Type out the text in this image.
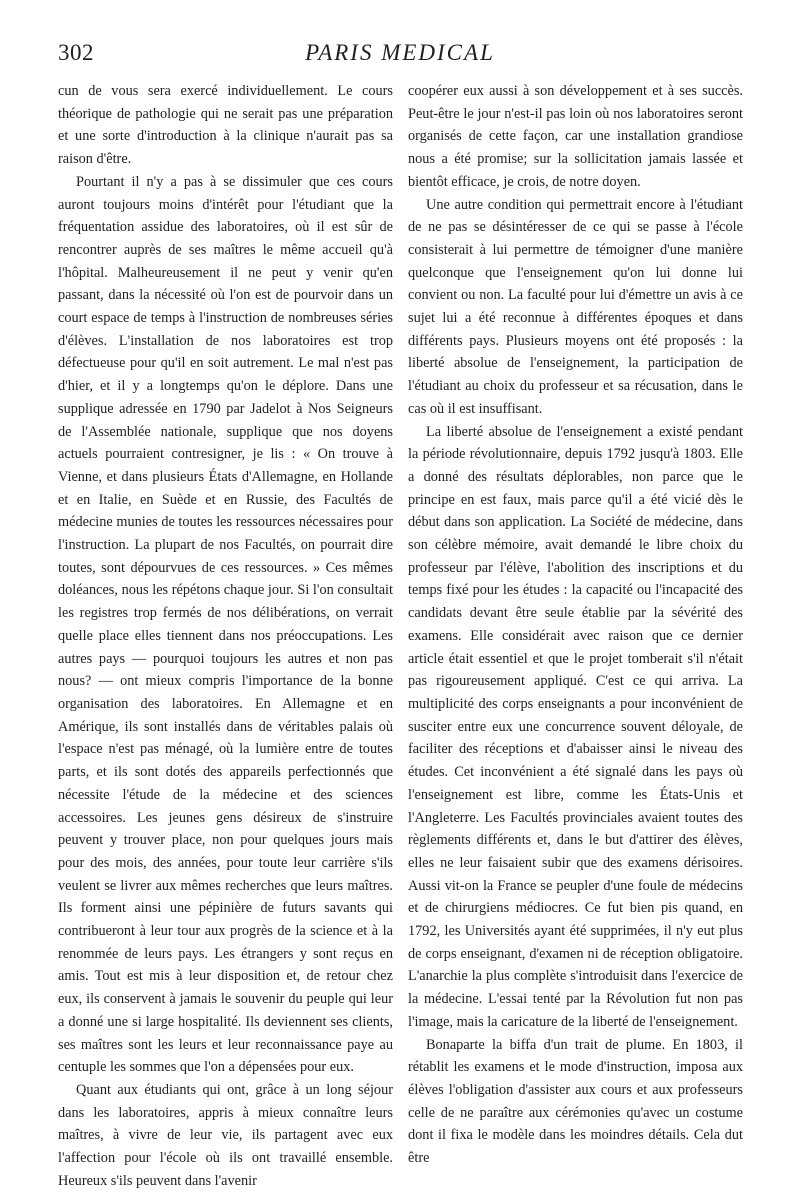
302	PARIS MEDICAL

cun de vous sera exercé individuellement. Le cours théorique de pathologie qui ne serait pas une préparation et une sorte d'introduction à la clinique n'aurait pas sa raison d'être.

Pourtant il n'y a pas à se dissimuler que ces cours auront toujours moins d'intérêt pour l'étudiant que la fréquentation assidue des laboratoires, où il est sûr de rencontrer auprès de ses maîtres le même accueil qu'à l'hôpital. Malheureusement il ne peut y venir qu'en passant, dans la nécessité où l'on est de pourvoir dans un court espace de temps à l'instruction de nombreuses séries d'élèves. L'installation de nos laboratoires est trop défectueuse pour qu'il en soit autrement. Le mal n'est pas d'hier, et il y a longtemps qu'on le déplore. Dans une supplique adressée en 1790 par Jadelot à Nos Seigneurs de l'Assemblée nationale, supplique que nos doyens actuels pourraient contresigner, je lis : « On trouve à Vienne, et dans plusieurs États d'Allemagne, en Hollande et en Italie, en Suède et en Russie, des Facultés de médecine munies de toutes les ressources nécessaires pour l'instruction. La plupart de nos Facultés, on pourrait dire toutes, sont dépourvues de ces ressources. » Ces mêmes doléances, nous les répétons chaque jour. Si l'on consultait les registres trop fermés de nos délibérations, on verrait quelle place elles tiennent dans nos préoccupations. Les autres pays — pourquoi toujours les autres et non pas nous? — ont mieux compris l'importance de la bonne organisation des laboratoires. En Allemagne et en Amérique, ils sont installés dans de véritables palais où l'espace n'est pas ménagé, où la lumière entre de toutes parts, et ils sont dotés des appareils perfectionnés que nécessite l'étude de la médecine et des sciences accessoires. Les jeunes gens désireux de s'instruire peuvent y trouver place, non pour quelques jours mais pour des mois, des années, pour toute leur carrière s'ils veulent se livrer aux mêmes recherches que leurs maîtres. Ils forment ainsi une pépinière de futurs savants qui contribueront à leur tour aux progrès de la science et à la renommée de leurs pays. Les étrangers y sont reçus en amis. Tout est mis à leur disposition et, de retour chez eux, ils conservent à jamais le souvenir du peuple qui leur a donné une si large hospitalité. Ils deviennent ses clients, ses maîtres sont les leurs et leur reconnaissance paye au centuple les sommes que l'on a dépensées pour eux.

Quant aux étudiants qui ont, grâce à un long séjour dans les laboratoires, appris à mieux connaître leurs maîtres, à vivre de leur vie, ils partagent avec eux l'affection pour l'école où ils ont travaillé ensemble. Heureux s'ils peuvent dans l'avenir

coopérer eux aussi à son développement et à ses succès. Peut-être le jour n'est-il pas loin où nos laboratoires seront organisés de cette façon, car une installation grandiose nous a été promise; sur la sollicitation jamais lassée et bientôt efficace, je crois, de notre doyen.

Une autre condition qui permettrait encore à l'étudiant de ne pas se désintéresser de ce qui se passe à l'école consisterait à lui permettre de témoigner d'une manière quelconque que l'enseignement qu'on lui donne lui convient ou non. La faculté pour lui d'émettre un avis à ce sujet lui a été reconnue à différentes époques et dans différents pays. Plusieurs moyens ont été proposés : la liberté absolue de l'enseignement, la participation de l'étudiant au choix du professeur et sa récusation, dans le cas où il est insuffisant.

La liberté absolue de l'enseignement a existé pendant la période révolutionnaire, depuis 1792 jusqu'à 1803. Elle a donné des résultats déplorables, non parce que le principe en est faux, mais parce qu'il a été vicié dès le début dans son application. La Société de médecine, dans son célèbre mémoire, avait demandé le libre choix du professeur par l'élève, l'abolition des inscriptions et du temps fixé pour les études : la capacité ou l'incapacité des candidats devant être seule établie par la sévérité des examens. Elle considérait avec raison que ce dernier article était essentiel et que le projet tomberait s'il n'était pas rigoureusement appliqué. C'est ce qui arriva. La multiplicité des corps enseignants a pour inconvénient de susciter entre eux une concurrence souvent déloyale, de faciliter des réceptions et d'abaisser ainsi le niveau des études. Cet inconvénient a été signalé dans les pays où l'enseignement est libre, comme les États-Unis et l'Angleterre. Les Facultés provinciales avaient toutes des règlements différents et, dans le but d'attirer des élèves, elles ne leur faisaient subir que des examens dérisoires. Aussi vit-on la France se peupler d'une foule de médecins et de chirurgiens médiocres. Ce fut bien pis quand, en 1792, les Universités ayant été supprimées, il n'y eut plus de corps enseignant, d'examen ni de réception obligatoire. L'anarchie la plus complète s'introduisit dans l'exercice de la médecine. L'essai tenté par la Révolution fut non pas l'image, mais la caricature de la liberté de l'enseignement.

Bonaparte la biffa d'un trait de plume. En 1803, il rétablit les examens et le mode d'instruction, imposa aux élèves l'obligation d'assister aux cours et aux professeurs celle de ne paraître aux cérémonies qu'avec un costume dont il fixa le modèle dans les moindres détails. Cela dut être
